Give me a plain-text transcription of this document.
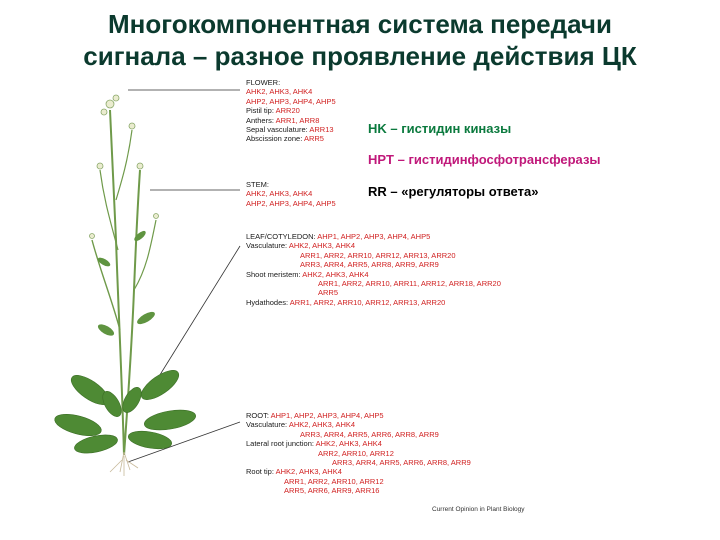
Многокомпонентная система передачи
сигнала – разное проявление действия ЦК
HK – гистидин киназы
HPT – гистидинфосфотрансферазы
RR – «регуляторы ответа»
FLOWER:
AHK2, AHK3, AHK4
AHP2, AHP3, AHP4, AHP5
Pistil tip: ARR20
Anthers: ARR1, ARR8
Sepal vasculature: ARR13
Abscission zone: ARR5
STEM:
AHK2, AHK3, AHK4
AHP2, AHP3, AHP4, AHP5
LEAF/COTYLEDON: AHP1, AHP2, AHP3, AHP4, AHP5
Vasculature: AHK2, AHK3, AHK4
ARR1, ARR2, ARR10, ARR12, ARR13, ARR20
ARR3, ARR4, ARR5, ARR8, ARR9, ARR9
Shoot meristem: AHK2, AHK3, AHK4
ARR1, ARR2, ARR10, ARR11, ARR12, ARR18, ARR20
ARR5
Hydathodes: ARR1, ARR2, ARR10, ARR12, ARR13, ARR20
ROOT: AHP1, AHP2, AHP3, AHP4, AHP5
Vasculature: AHK2, AHK3, AHK4
ARR3, ARR4, ARR5, ARR6, ARR8, ARR9
Lateral root junction: AHK2, AHK3, AHK4
ARR2, ARR10, ARR12
ARR3, ARR4, ARR5, ARR6, ARR8, ARR9
Root tip: AHK2, AHK3, AHK4
ARR1, ARR2, ARR10, ARR12
ARR5, ARR6, ARR9, ARR16
Current Opinion in Plant Biology
